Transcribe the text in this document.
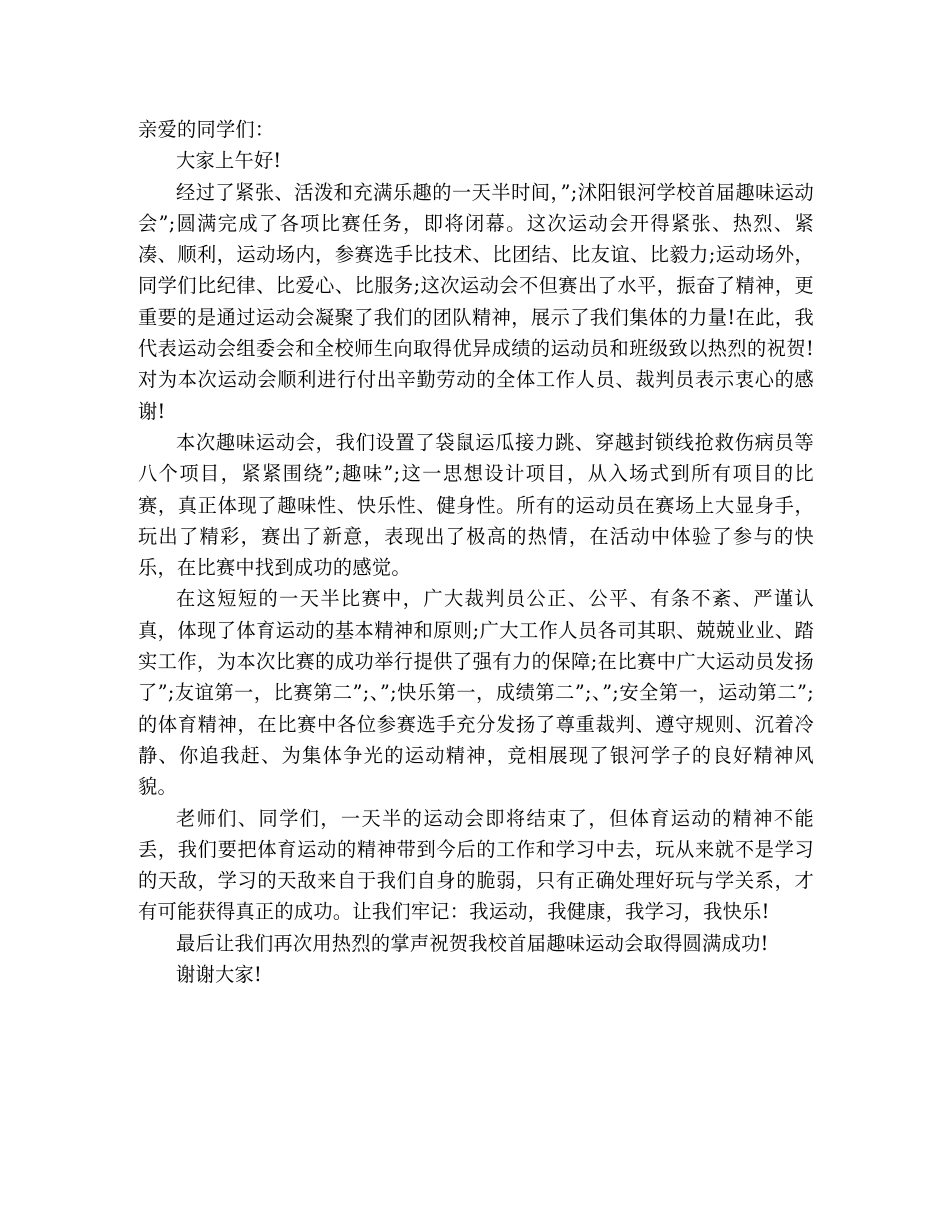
亲爱的同学们：

大家上午好!

经过了紧张、活泼和充满乐趣的一天半时间，”;沭阳银河学校首届趣味运动会”;圆满完成了各项比赛任务，即将闭幕。这次运动会开得紧张、热烈、紧凑、顺利，运动场内，参赛选手比技术、比团结、比友谊、比毅力;运动场外，同学们比纪律、比爱心、比服务;这次运动会不但赛出了水平，振奋了精神，更重要的是通过运动会凝聚了我们的团队精神，展示了我们集体的力量!在此，我代表运动会组委会和全校师生向取得优异成绩的运动员和班级致以热烈的祝贺!对为本次运动会顺利进行付出辛勤劳动的全体工作人员、裁判员表示衷心的感谢!

本次趣味运动会，我们设置了袋鼠运瓜接力跳、穿越封锁线抢救伤病员等八个项目，紧紧围绕”;趣味”;这一思想设计项目，从入场式到所有项目的比赛，真正体现了趣味性、快乐性、健身性。所有的运动员在赛场上大显身手，玩出了精彩，赛出了新意，表现出了极高的热情，在活动中体验了参与的快乐，在比赛中找到成功的感觉。

在这短短的一天半比赛中，广大裁判员公正、公平、有条不紊、严谨认真，体现了体育运动的基本精神和原则;广大工作人员各司其职、兢兢业业、踏实工作，为本次比赛的成功举行提供了强有力的保障;在比赛中广大运动员发扬了”;友谊第一，比赛第二”;、”;快乐第一，成绩第二”;、”;安全第一，运动第二”;的体育精神，在比赛中各位参赛选手充分发扬了尊重裁判、遵守规则、沉着冷静、你追我赶、为集体争光的运动精神，竞相展现了银河学子的良好精神风貌。

老师们、同学们，一天半的运动会即将结束了，但体育运动的精神不能丢，我们要把体育运动的精神带到今后的工作和学习中去，玩从来就不是学习的天敌，学习的天敌来自于我们自身的脆弱，只有正确处理好玩与学关系，才有可能获得真正的成功。让我们牢记：我运动，我健康，我学习，我快乐!

最后让我们再次用热烈的掌声祝贺我校首届趣味运动会取得圆满成功!

谢谢大家!
